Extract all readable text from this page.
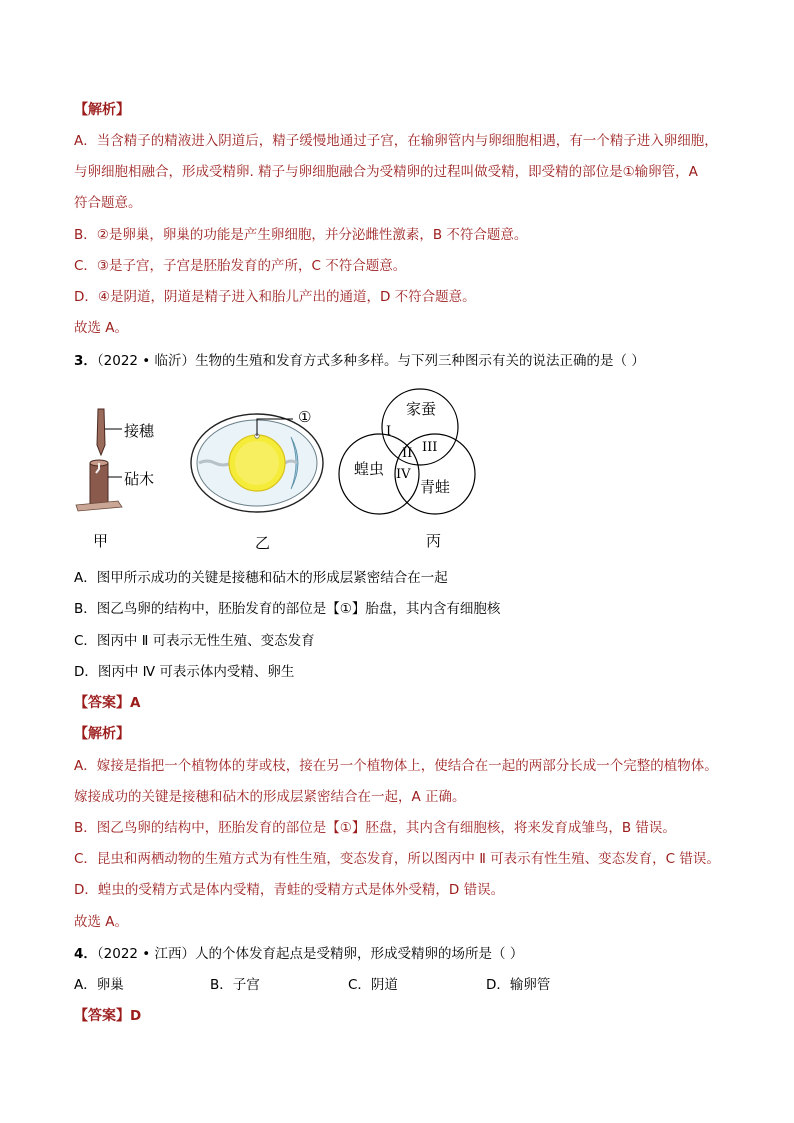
【 解析 】
A．当含精子的精液进入阴道后，精子缓慢地通过子宫，在输卵管内与卵细胞相遇，有一个精子进入卵细胞，
与卵细胞相融合，形成受精卵. 精子与卵细胞融合为受精卵的过程叫做受精，即受精的部位是①输卵管，A
符合题意。
B．②是卵巢，卵巢的功能是产生卵细胞，并分泌雌性激素，B 不符合题意。
C．③是子宫，子宫是胚胎发育的产所，C 不符合题意。
D．④是阴道，阴道是精子进入和胎儿产出的通道，D 不符合题意。
故选 A。
3．（2022 • 临沂）生物的生殖和发育方式多种多样。与下列三种图示有关的说法正确的是（ ）
接穗
砧木
甲
①
乙
家蚕
蝗虫
青蛙
I
II III
IV
丙
A．图甲所示成功的关键是接穗和砧木的形成层紧密结合在一起
B．图乙鸟卵的结构中，胚胎发育的部位是【①】胎盘，其内含有细胞核
C．图丙中 Ⅱ 可表示无性生殖、变态发育
D．图丙中 Ⅳ 可表示体内受精、卵生
【 答案 】 A
【 解析 】
A．嫁接是指把一个植物体的芽或枝，接在另一个植物体上，使结合在一起的两部分长成一个完整的植物体。
嫁接成功的关键是接穗和砧木的形成层紧密结合在一起，A 正确。
B．图乙鸟卵的结构中，胚胎发育的部位是【①】胚盘，其内含有细胞核，将来发育成雏鸟，B 错误。
C．昆虫和两栖动物的生殖方式为有性生殖，变态发育，所以图丙中 Ⅱ 可表示有性生殖、变态发育，C 错误。
D．蝗虫的受精方式是体内受精，青蛙的受精方式是体外受精，D 错误。
故选 A。
4．（2022 • 江西）人的个体发育起点是受精卵，形成受精卵的场所是（ ）
A．卵巢	B．子宫	C．阴道	D．输卵管
【 答案 】 D
